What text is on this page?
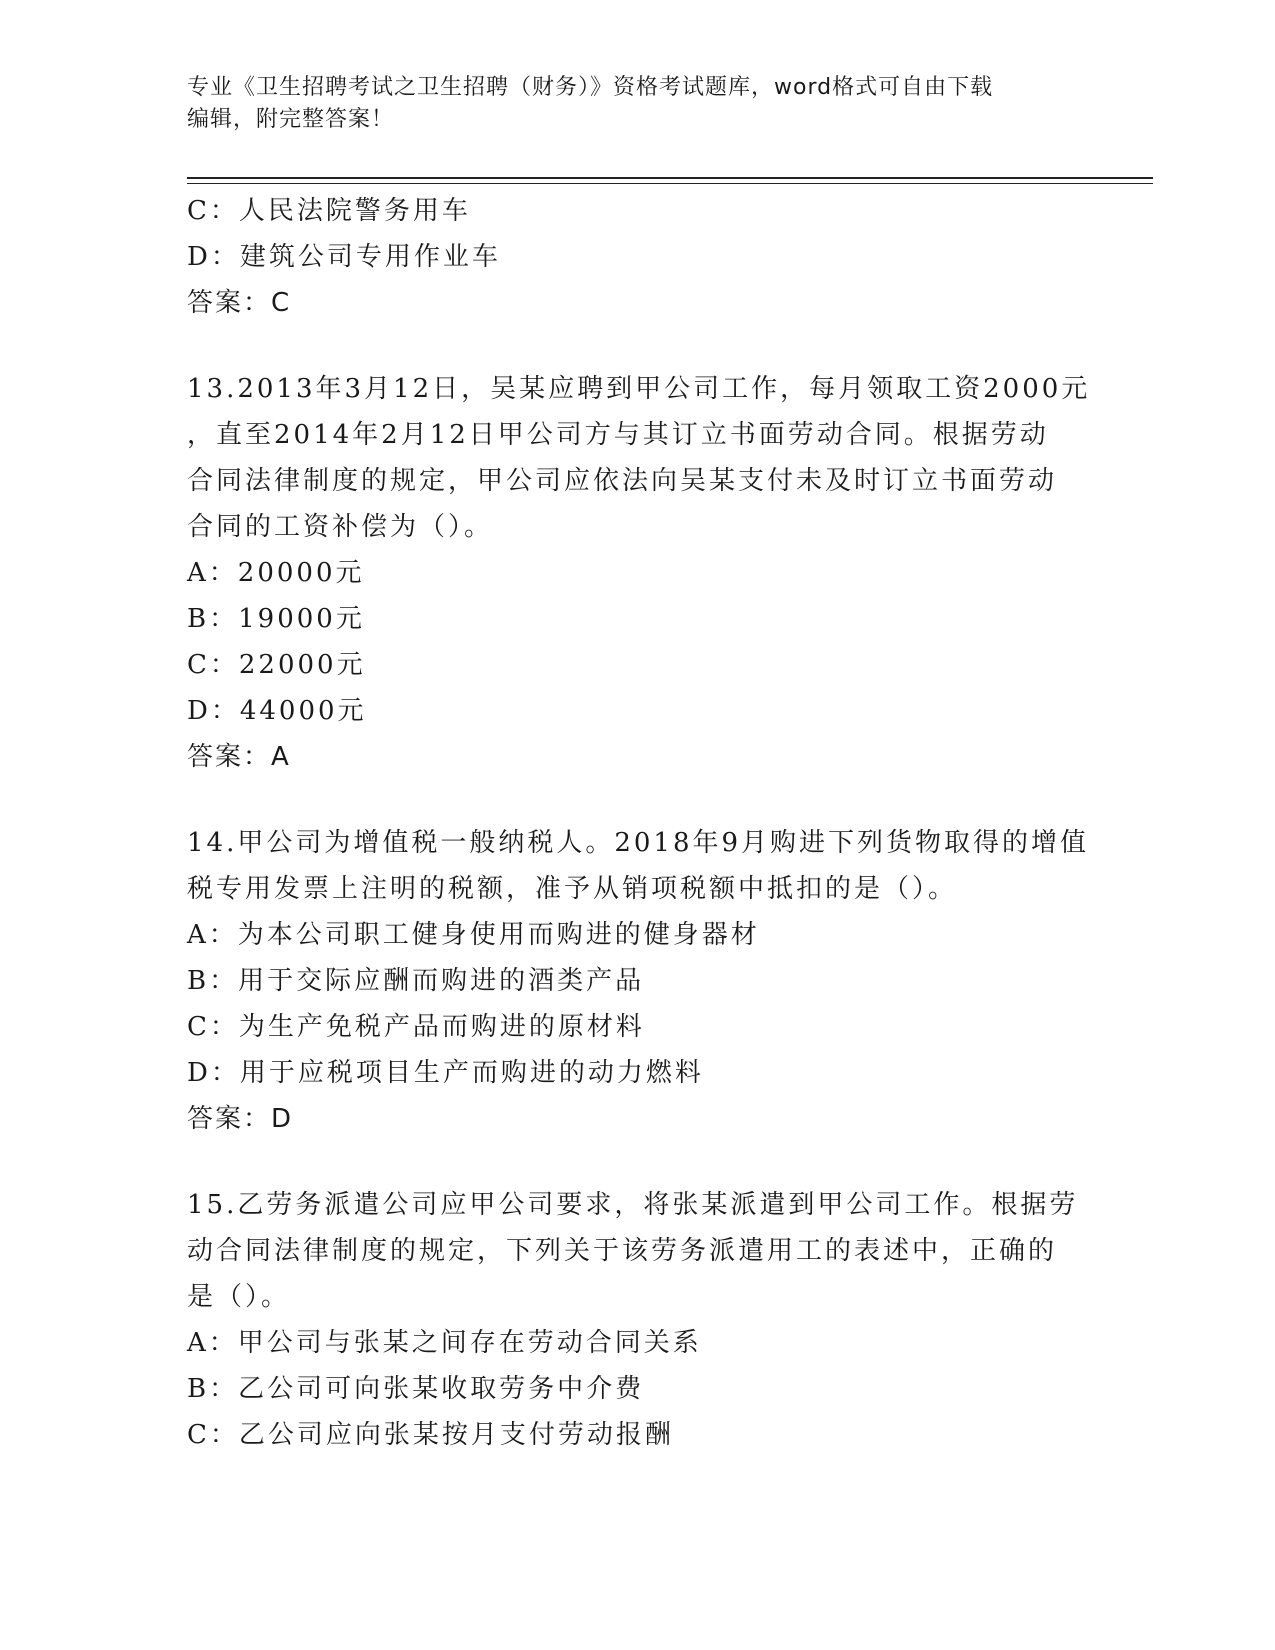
专业《卫生招聘考试之卫生招聘（财务）》资格考试题库，word格式可自由下载
编辑，附完整答案！
C：人民法院警务用车
D：建筑公司专用作业车
答案：C
13.2013年3月12日，吴某应聘到甲公司工作，每月领取工资2000元
，直至2014年2月12日甲公司方与其订立书面劳动合同。根据劳动
合同法律制度的规定，甲公司应依法向吴某支付未及时订立书面劳动
合同的工资补偿为（）。
A：20000元
B：19000元
C：22000元
D：44000元
答案：A
14.甲公司为增值税一般纳税人。2018年9月购进下列货物取得的增值
税专用发票上注明的税额，准予从销项税额中抵扣的是（）。
A：为本公司职工健身使用而购进的健身器材
B：用于交际应酬而购进的酒类产品
C：为生产免税产品而购进的原材料
D：用于应税项目生产而购进的动力燃料
答案：D
15.乙劳务派遣公司应甲公司要求，将张某派遣到甲公司工作。根据劳
动合同法律制度的规定，下列关于该劳务派遣用工的表述中，正确的
是（）。
A：甲公司与张某之间存在劳动合同关系
B：乙公司可向张某收取劳务中介费
C：乙公司应向张某按月支付劳动报酬
